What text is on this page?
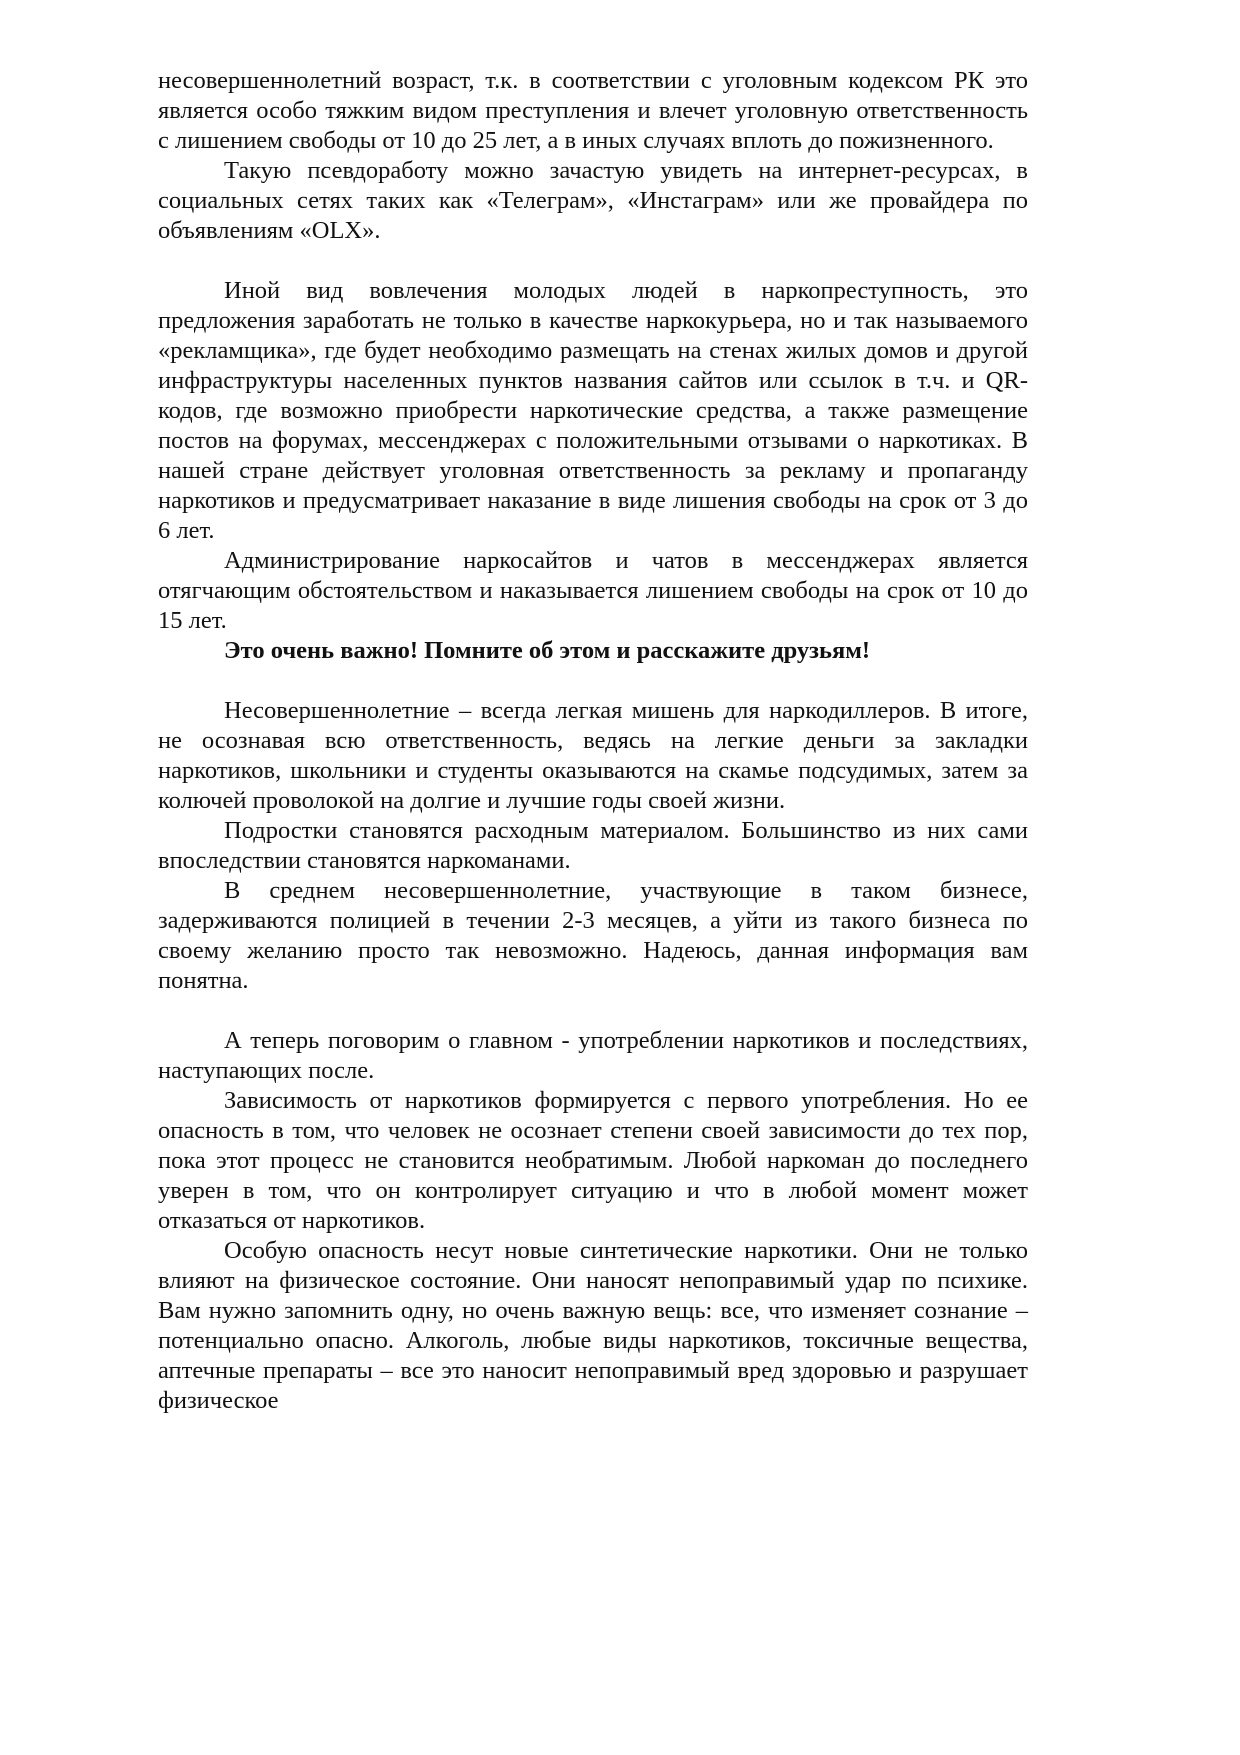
несовершеннолетний возраст, т.к. в соответствии с уголовным кодексом РК это является особо тяжким видом преступления и влечет уголовную ответственность с лишением свободы от 10 до 25 лет, а в иных случаях вплоть до пожизненного.

Такую псевдоработу можно зачастую увидеть на интернет-ресурсах, в социальных сетях таких как «Телеграм», «Инстаграм» или же провайдера по объявлениям «OLX».

Иной вид вовлечения молодых людей в наркопреступность, это предложения заработать не только в качестве наркокурьера, но и так называемого «рекламщика», где будет необходимо размещать на стенах жилых домов и другой инфраструктуры населенных пунктов названия сайтов или ссылок в т.ч. и QR-кодов, где возможно приобрести наркотические средства, а также размещение постов на форумах, мессенджерах с положительными отзывами о наркотиках. В нашей стране действует уголовная ответственность за рекламу и пропаганду наркотиков и предусматривает наказание в виде лишения свободы на срок от 3 до 6 лет.

Администрирование наркосайтов и чатов в мессенджерах является отягчающим обстоятельством и наказывается лишением свободы на срок от 10 до 15 лет.

Это очень важно! Помните об этом и расскажите друзьям!

Несовершеннолетние – всегда легкая мишень для наркодиллеров. В итоге, не осознавая всю ответственность, ведясь на легкие деньги за закладки наркотиков, школьники и студенты оказываются на скамье подсудимых, затем за колючей проволокой на долгие и лучшие годы своей жизни.

Подростки становятся расходным материалом. Большинство из них сами впоследствии становятся наркоманами.

В среднем несовершеннолетние, участвующие в таком бизнесе, задерживаются полицией в течении 2-3 месяцев, а уйти из такого бизнеса по своему желанию просто так невозможно. Надеюсь, данная информация вам понятна.

А теперь поговорим о главном - употреблении наркотиков и последствиях, наступающих после.

Зависимость от наркотиков формируется с первого употребления. Но ее опасность в том, что человек не осознает степени своей зависимости до тех пор, пока этот процесс не становится необратимым. Любой наркоман до последнего уверен в том, что он контролирует ситуацию и что в любой момент может отказаться от наркотиков.

Особую опасность несут новые синтетические наркотики. Они не только влияют на физическое состояние. Они наносят непоправимый удар по психике. Вам нужно запомнить одну, но очень важную вещь: все, что изменяет сознание – потенциально опасно. Алкоголь, любые виды наркотиков, токсичные вещества, аптечные препараты – все это наносит непоправимый вред здоровью и разрушает физическое
